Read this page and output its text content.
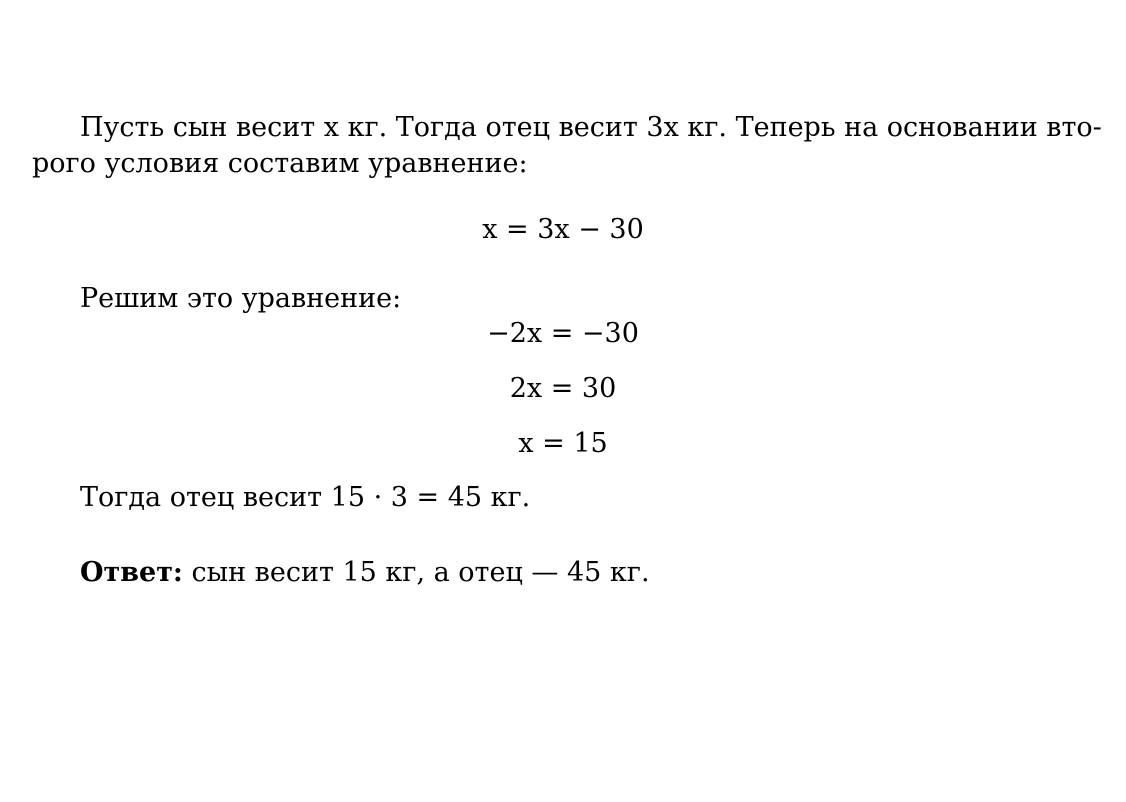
Пусть сын весит x кг. Тогда отец весит 3x кг. Теперь на основании вто-
рого условия составим уравнение:
x = 3x − 30
Решим это уравнение:
−2x = −30
2x = 30
x = 15
Тогда отец весит 15 · 3 = 45 кг.
Ответ: сын весит 15 кг, а отец — 45 кг.
